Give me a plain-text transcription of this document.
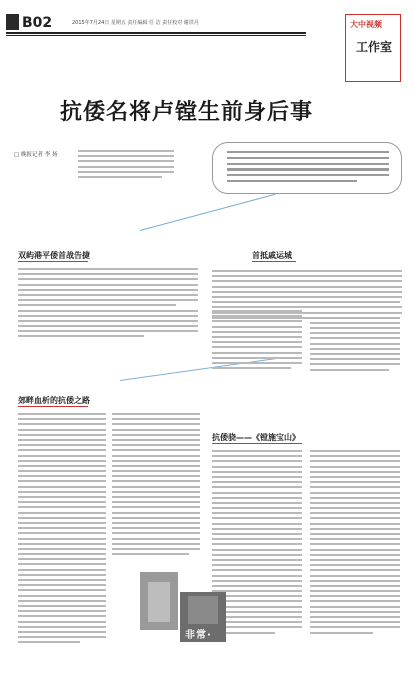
B02	2015年7月24日 星期五 责任编辑 任 洁 责任校对 谢洪丹	大中视频
工作室
抗倭名将卢镗生前身后事
□ 晚报记者 李 扬
双屿港平倭首战告捷	首抵戚运城
郊畔血析的抗倭之路
抗倭骁——《镗施宝山》
非常·
